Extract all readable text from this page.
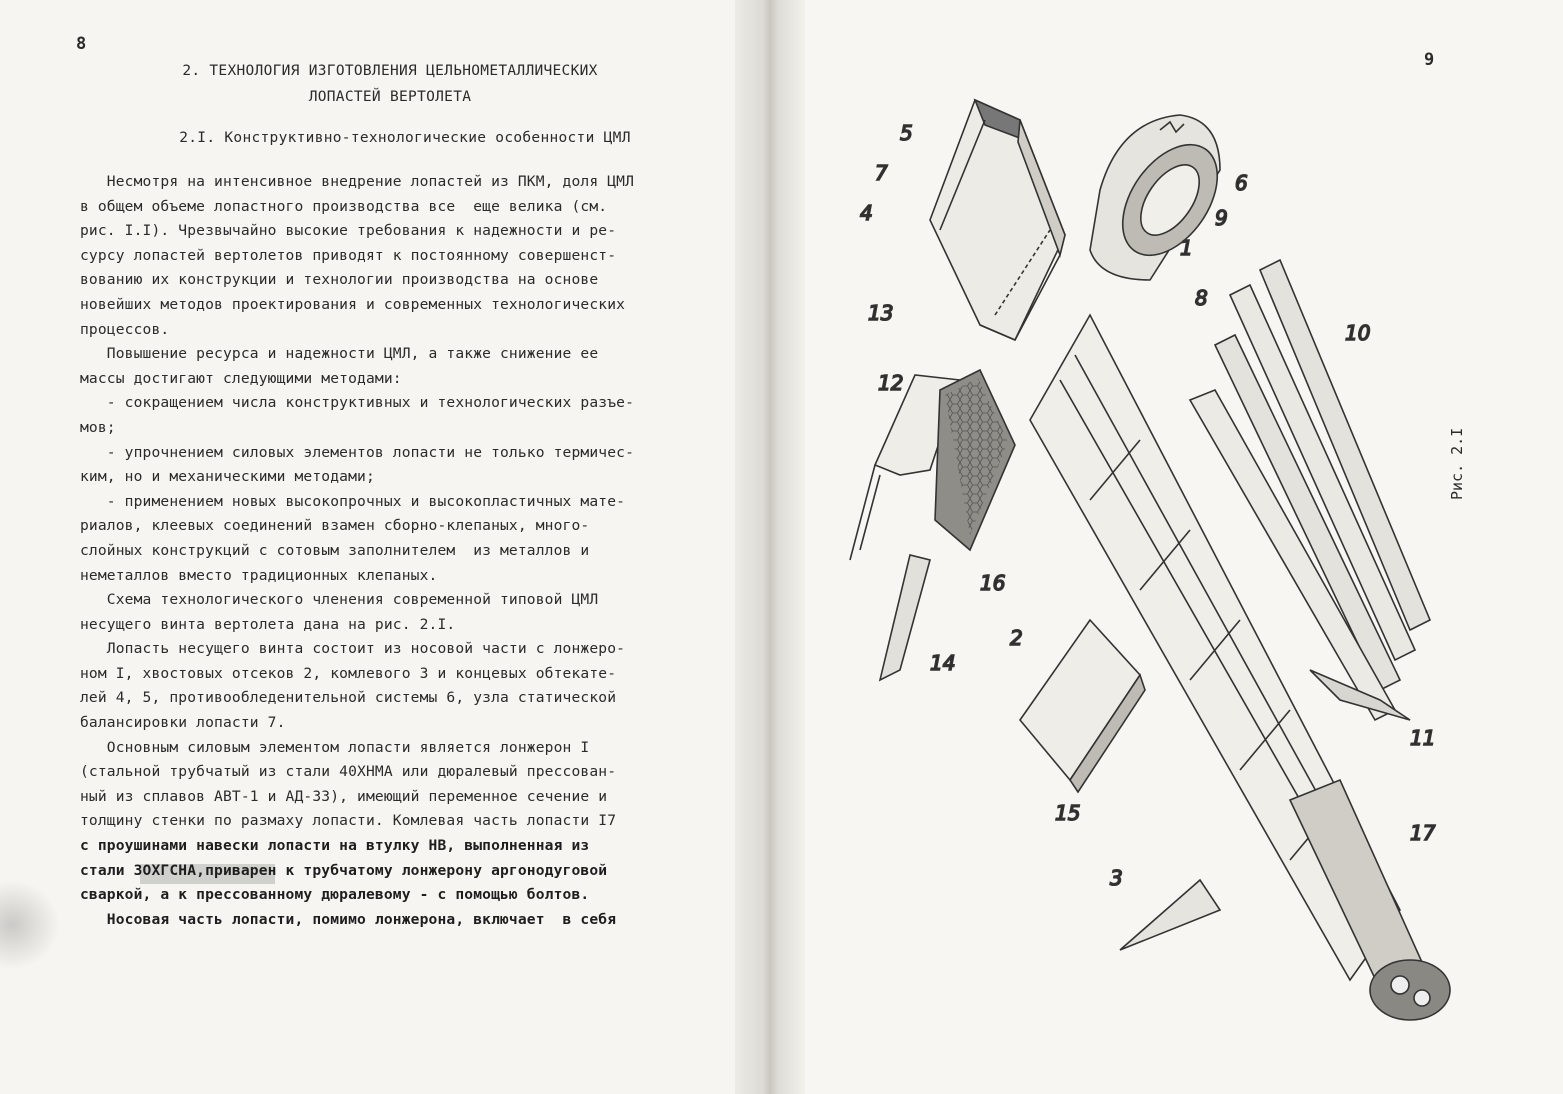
8
9
2. ТЕХНОЛОГИЯ ИЗГОТОВЛЕНИЯ ЦЕЛЬНОМЕТАЛЛИЧЕСКИХ
ЛОПАСТЕЙ ВЕРТОЛЕТА
2.I. Конструктивно-технологические особенности ЦМЛ
Несмотря на интенсивное внедрение лопастей из ПКМ, доля ЦМЛ
в общем объеме лопастного производства все  еще велика (см.
рис. I.I). Чрезвычайно высокие требования к надежности и ре-
сурсу лопастей вертолетов приводят к постоянному совершенст-
вованию их конструкции и технологии производства на основе
новейших методов проектирования и современных технологических
процессов.
Повышение ресурса и надежности ЦМЛ, а также снижение ее
массы достигают следующими методами:
- сокращением числа конструктивных и технологических разъе-
мов;
- упрочнением силовых элементов лопасти не только термичес-
ким, но и механическими методами;
- применением новых высокопрочных и высокопластичных мате-
риалов, клеевых соединений взамен сборно-клепаных, многo-
слойных конструкций с сотовым заполнителем  из металлов и
неметаллов вместо традиционных клепаных.
Схема технологического членения современной типовой ЦМЛ
несущего винта вертолета дана на рис. 2.I.
Лопасть несущего винта состоит из носовой части с лонжеро-
ном I, хвостовых отсеков 2, комлевого 3 и концевых обтекате-
лей 4, 5, противообледенительной системы 6, узла статической
балансировки лопасти 7.
Основным силовым элементом лопасти является лонжерон I
(стальной трубчатый из стали 40ХНМА или дюралевый прессован-
ный из сплавов АВТ-1 и АД-33), имеющий переменное сечение и
толщину стенки по размаху лопасти. Комлевая часть лопасти I7
с проушинами навески лопасти на втулку НВ, выполненная из
стали ЗОХГСНА,приварен к трубчатому лонжерону аргонодуговой
сваркой, а к прессованному дюралевому - с помощью болтов.
Носовая часть лопасти, помимо лонжерона, включает  в себя
5
7
4
6
9
1
8
13
12
10
16
2
14
11
15
17
3
Рис. 2.I
